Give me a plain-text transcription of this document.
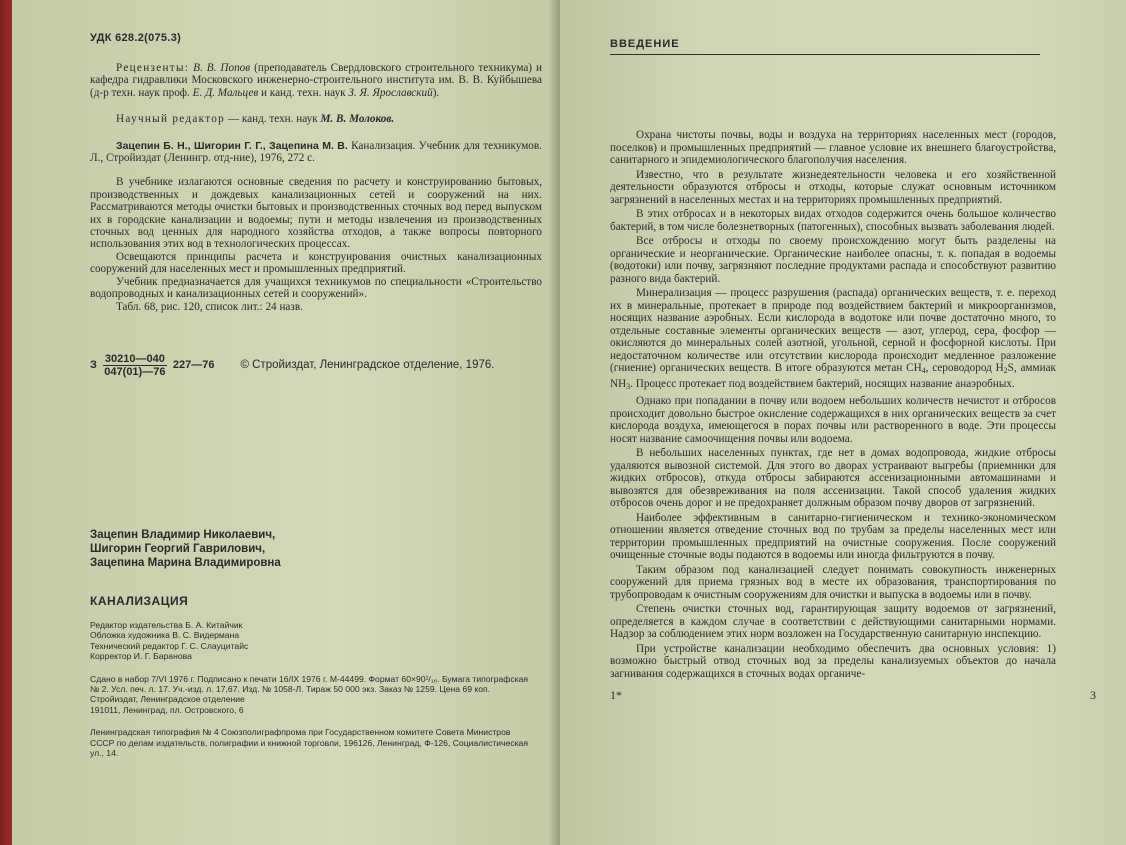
УДК 628.2(075.3)

Рецензенты: В. В. Попов (преподаватель Свердловского строительного техникума) и кафедра гидравлики Московского инженерно-строительного института им. В. В. Куйбышева (д-р техн. наук проф. Е. Д. Мальцев и канд. техн. наук З. Я. Ярославский).

Научный редактор — канд. техн. наук М. В. Молоков.

Зацепин Б. Н., Шигорин Г. Г., Зацепина М. В. Канализация. Учебник для техникумов. Л., Стройиздат (Ленингр. отд-ние), 1976, 272 с.

В учебнике излагаются основные сведения по расчету и конструированию бытовых, производственных и дождевых канализационных сетей и сооружений на них. Рассматриваются методы очистки бытовых и производственных сточных вод перед выпуском их в городские канализации и водоемы; пути и методы извлечения из производственных сточных вод ценных для народного хозяйства отходов, а также вопросы повторного использования этих вод в технологических процессах.

Освещаются принципы расчета и конструирования очистных канализационных сооружений для населенных мест и промышленных предприятий.

Учебник предназначается для учащихся техникумов по специальности «Строительство водопроводных и канализационных сетей и сооружений».

Табл. 68, рис. 120, список лит.: 24 назв.

З $\frac{30210—040}{047(01)—76}$ 227—76 © Стройиздат, Ленинградское отделение, 1976.
Зацепин Владимир Николаевич,
Шигорин Георгий Гаврилович,
Зацепина Марина Владимировна
КАНАЛИЗАЦИЯ

Редактор издательства Б. А. Китайчик

Обложка художника В. С. Видермана

Технический редактор Г. С. Слауцитайс

Корректор И. Г. Баранова

Сдано в набор 7/VI 1976 г. Подписано к печати 16/IX 1976 г. М-44499. Формат 60×90¹/₁₆. Бумага типографская № 2. Усл. печ. л. 17. Уч.-изд. л. 17,67. Изд. № 1058-Л. Тираж 50 000 экз. Заказ № 1259. Цена 69 коп.

Стройиздат, Ленинградское отделение

191011, Ленинград, пл. Островского, 6

Ленинградская типография № 4 Союзполиграфпрома при Государственном комитете Совета Министров СССР по делам издательств, полиграфии и книжной торговли, 196126, Ленинград, Ф-126, Социалистическая ул., 14.

ВВЕДЕНИЕ

Охрана чистоты почвы, воды и воздуха на территориях населенных мест (городов, поселков) и промышленных предприятий — главное условие их внешнего благоустройства, санитарного и эпидемиологического благополучия населения.

Известно, что в результате жизнедеятельности человека и его хозяйственной деятельности образуются отбросы и отходы, которые служат основным источником загрязнений в населенных местах и на территориях промышленных предприятий.

В этих отбросах и в некоторых видах отходов содержится очень большое количество бактерий, в том числе болезнетворных (патогенных), способных вызвать заболевания людей.

Все отбросы и отходы по своему происхождению могут быть разделены на органические и неорганические. Органические наиболее опасны, т. к. попадая в водоемы (водотоки) или почву, загрязняют последние продуктами распада и способствуют развитию разного вида бактерий.

Минерализация — процесс разрушения (распада) органических веществ, т. е. переход их в минеральные, протекает в природе под воздействием бактерий и микроорганизмов, носящих название аэробных. Если кислорода в водотоке или почве достаточно много, то отдельные составные элементы органических веществ — азот, углерод, сера, фосфор — окисляются до минеральных солей азотной, угольной, серной и фосфорной кислоты. При недостаточном количестве или отсутствии кислорода происходит медленное разложение (гниение) органических веществ. В итоге образуются метан $CH_4$, сероводород $H_2S$, аммиак $NH_3$. Процесс протекает под воздействием бактерий, носящих название анаэробных.

Однако при попадании в почву или водоем небольших количеств нечистот и отбросов происходит довольно быстрое окисление содержащихся в них органических веществ за счет кислорода воздуха, имеющегося в порах почвы или растворенного в воде. Эти процессы носят название самоочищения почвы или водоема.

В небольших населенных пунктах, где нет в домах водопровода, жидкие отбросы удаляются вывозной системой. Для этого во дворах устраивают выгребы (приемники для жидких отбросов), откуда отбросы забираются ассенизационными автомашинами и вывозятся для обезвреживания на поля ассенизации. Такой способ удаления жидких отбросов очень дорог и не предохраняет должным образом почву дворов от загрязнений.

Наиболее эффективным в санитарно-гигиеническом и технико-экономическом отношении является отведение сточных вод по трубам за пределы населенных мест или территории промышленных предприятий на очистные сооружения. После сооружений очищенные сточные воды подаются в водоемы или иногда фильтруются в почву.

Таким образом под канализацией следует понимать совокупность инженерных сооружений для приема грязных вод в месте их образования, транспортирования по трубопроводам к очистным сооружениям для очистки и выпуска в водоемы или в почву.

Степень очистки сточных вод, гарантирующая защиту водоемов от загрязнений, определяется в каждом случае в соответствии с действующими санитарными нормами. Надзор за соблюдением этих норм возложен на Государственную санитарную инспекцию.

При устройстве канализации необходимо обеспечить два основных условия: 1) возможно быстрый отвод сточных вод за пределы канализуемых объектов до начала загнивания содержащихся в сточных водах органиче-

1*	3
